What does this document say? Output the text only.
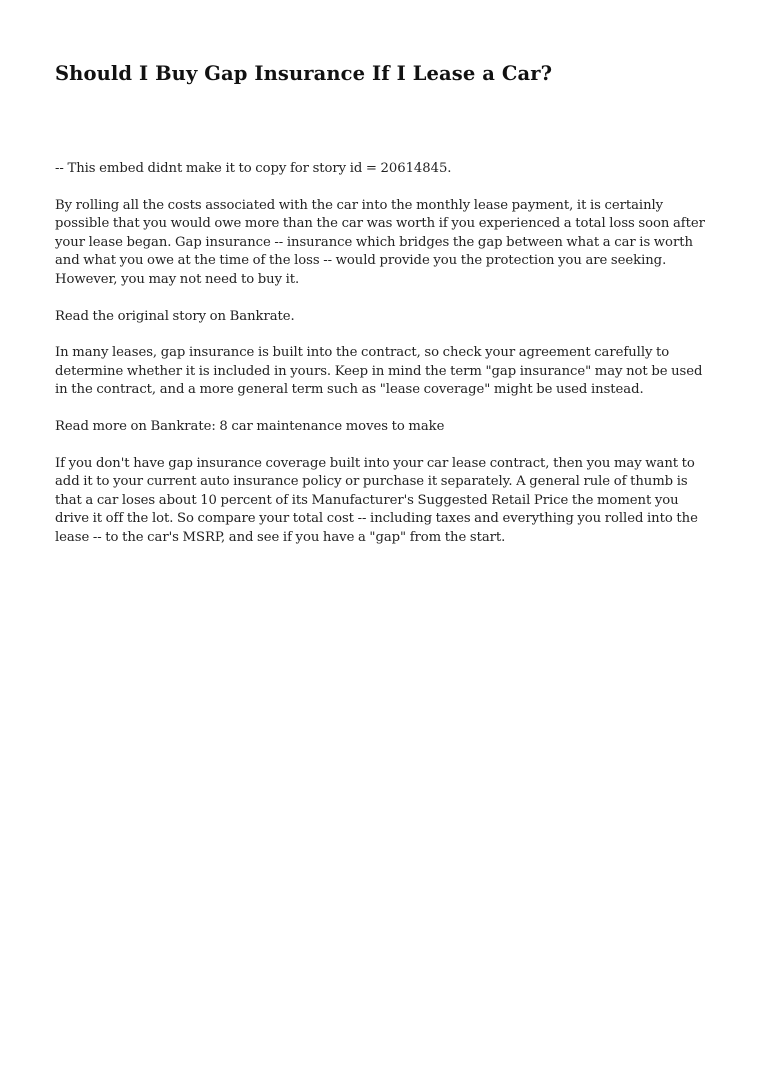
Should I Buy Gap Insurance If I Lease a Car?

-- This embed didnt make it to copy for story id = 20614845.

By rolling all the costs associated with the car into the monthly lease payment, it is certainly possible that you would owe more than the car was worth if you experienced a total loss soon after your lease began. Gap insurance -- insurance which bridges the gap between what a car is worth and what you owe at the time of the loss -- would provide you the protection you are seeking. However, you may not need to buy it.

Read the original story on Bankrate.

In many leases, gap insurance is built into the contract, so check your agreement carefully to determine whether it is included in yours. Keep in mind the term "gap insurance" may not be used in the contract, and a more general term such as "lease coverage" might be used instead.

Read more on Bankrate: 8 car maintenance moves to make

If you don't have gap insurance coverage built into your car lease contract, then you may want to add it to your current auto insurance policy or purchase it separately. A general rule of thumb is that a car loses about 10 percent of its Manufacturer's Suggested Retail Price the moment you drive it off the lot. So compare your total cost -- including taxes and everything you rolled into the lease -- to the car's MSRP, and see if you have a "gap" from the start.
